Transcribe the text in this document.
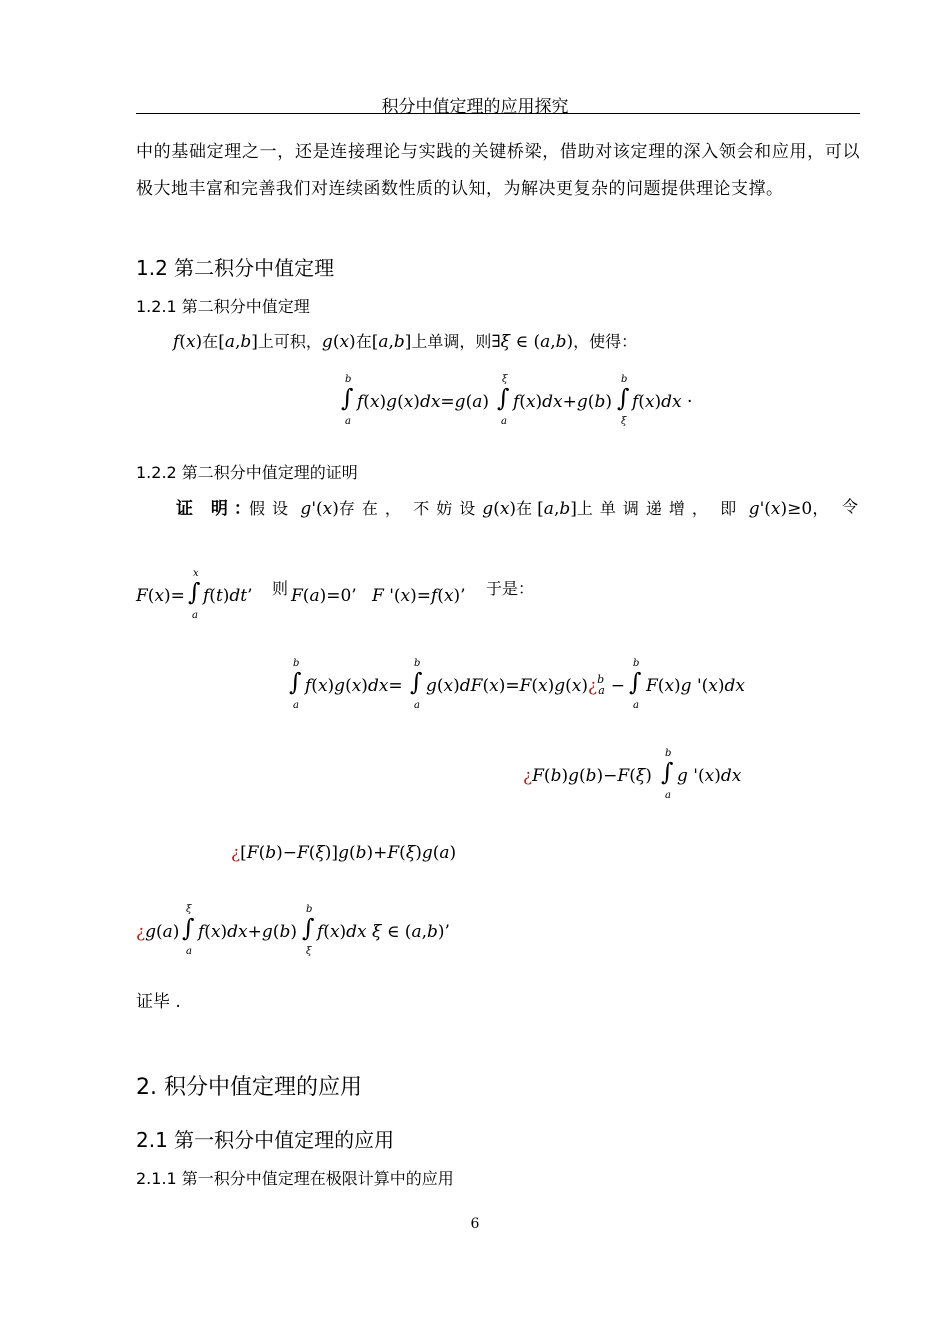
积分中值定理的应用探究
中的基础定理之一，还是连接理论与实践的关键桥梁，借助对该定理的深入领会和应用，可以极大地丰富和完善我们对连续函数性质的认知，为解决更复杂的问题提供理论支撑。
1.2 第二积分中值定理
1.2.1 第二积分中值定理
f(x)在[a,b]上可积，g(x)在[a,b]上单调，则∃ξ ∈ (a,b)，使得：
b
∫
a
f(x)g(x)dx=g(a)
ξ
∫
a
f(x)dx+g(b)
b
∫
ξ
f(x)dx ·
1.2.2 第二积分中值定理的证明
证 明：
假设 g'(x)存在， 不妨设g(x)在 [a,b]上单调递增， 即 g'(x)≥0， 令
F(x)=
x
∫
a
f(t)dt’ 则 F(a)=0’ F '(x)=f(x)’ 于是：
b
∫
a
f(x)g(x)dx=
b
∫
a
g(x)dF(x)=F(x)g(x)¿$^b$a −
b
∫
a
F(x)g '(x)dx
¿F(b)g(b)−F(ξ)
b
∫
a
g '(x)dx
¿[F(b)−F(ξ)]g(b)+F(ξ)g(a)
¿g(a)
ξ
∫
a
f(x)dx+g(b)
b
∫
ξ
f(x)dx ξ ∈ (a,b)’
证毕 .
2. 积分中值定理的应用
2.1 第一积分中值定理的应用
2.1.1 第一积分中值定理在极限计算中的应用
6
